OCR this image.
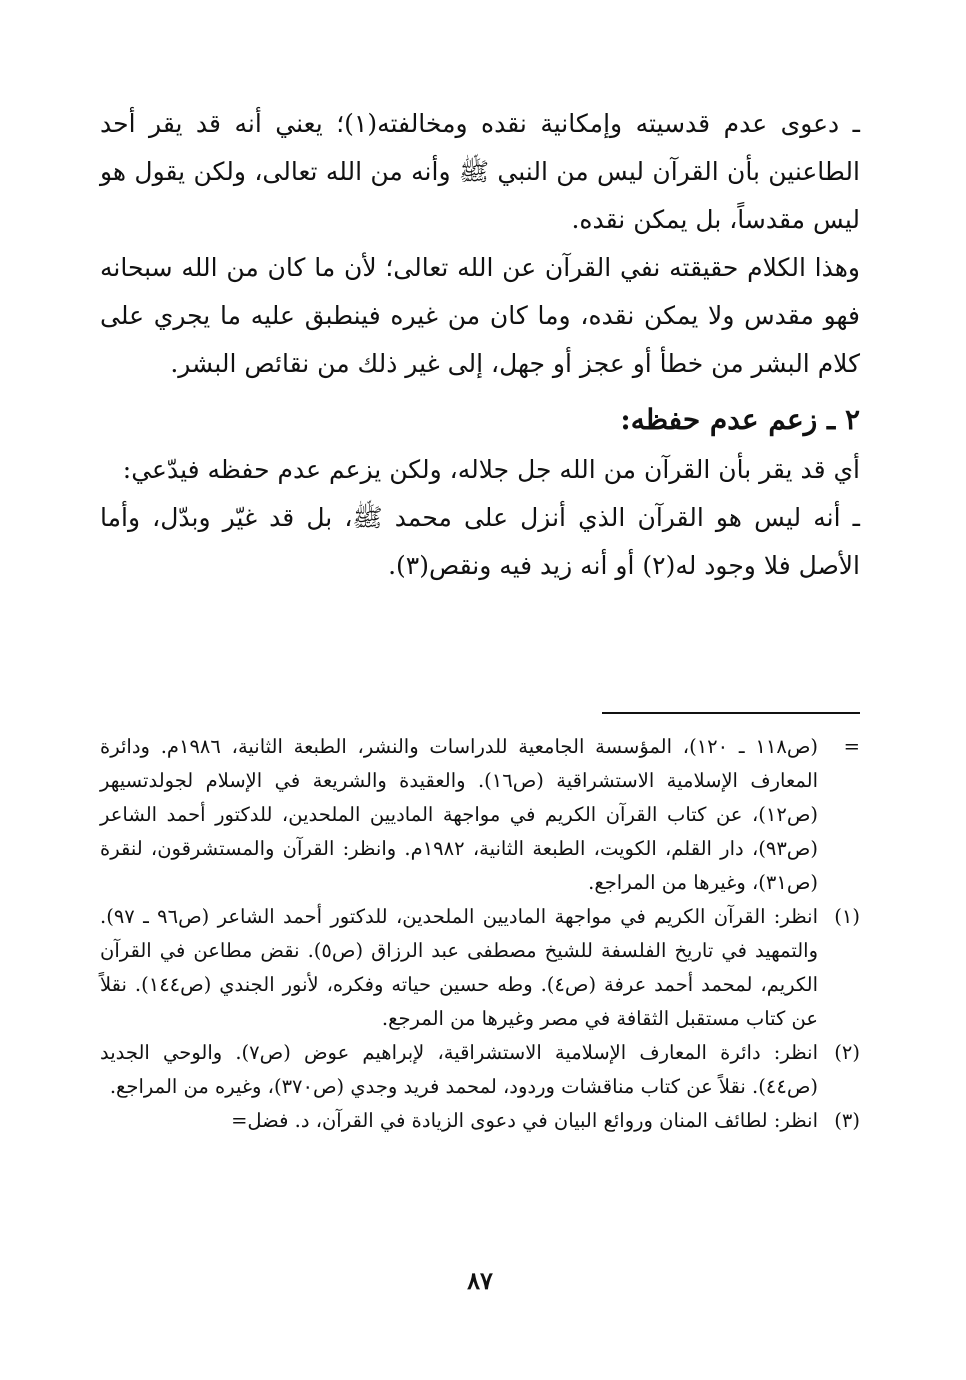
ـ دعوى عدم قدسيته وإمكانية نقده ومخالفته(١)؛ يعني أنه قد يقر أحد الطاعنين بأن القرآن ليس من النبي ﷺ وأنه من الله تعالى، ولكن يقول هو ليس مقدساً، بل يمكن نقده.

وهذا الكلام حقيقته نفي القرآن عن الله تعالى؛ لأن ما كان من الله سبحانه فهو مقدس ولا يمكن نقده، وما كان من غيره فينطبق عليه ما يجري على كلام البشر من خطأ أو عجز أو جهل، إلى غير ذلك من نقائص البشر.

٢ ـ زعم عدم حفظه:

أي قد يقر بأن القرآن من الله جل جلاله، ولكن يزعم عدم حفظه فيدّعي:

ـ أنه ليس هو القرآن الذي أنزل على محمد ﷺ، بل قد غيّر وبدّل، وأما الأصل فلا وجود له(٢) أو أنه زيد فيه ونقص(٣).

=
(ص١١٨ ـ ١٢٠)، المؤسسة الجامعية للدراسات والنشر، الطبعة الثانية، ١٩٨٦م. ودائرة المعارف الإسلامية الاستشراقية (ص١٦). والعقيدة والشريعة في الإسلام لجولدتسيهر (ص١٢)، عن كتاب القرآن الكريم في مواجهة الماديين الملحدين، للدكتور أحمد الشاعر (ص٩٣)، دار القلم، الكويت، الطبعة الثانية، ١٩٨٢م. وانظر: القرآن والمستشرقون، لنقرة (ص٣١)، وغيرها من المراجع.
(١)
انظر: القرآن الكريم في مواجهة الماديين الملحدين، للدكتور أحمد الشاعر (ص٩٦ ـ ٩٧). والتمهيد في تاريخ الفلسفة للشيخ مصطفى عبد الرزاق (ص٥). نقض مطاعن في القرآن الكريم، لمحمد أحمد عرفة (ص٤). وطه حسين حياته وفكره، لأنور الجندي (ص١٤٤). نقلاً عن كتاب مستقبل الثقافة في مصر وغيرها من المرجع.
(٢)
انظر: دائرة المعارف الإسلامية الاستشراقية، لإبراهيم عوض (ص٧). والوحي الجديد (ص٤٤). نقلاً عن كتاب مناقشات وردود، لمحمد فريد وجدي (ص٣٧٠)، وغيره من المراجع.
(٣)
انظر: لطائف المنان وروائع البيان في دعوى الزيادة في القرآن، د. فضل=
٨٧
